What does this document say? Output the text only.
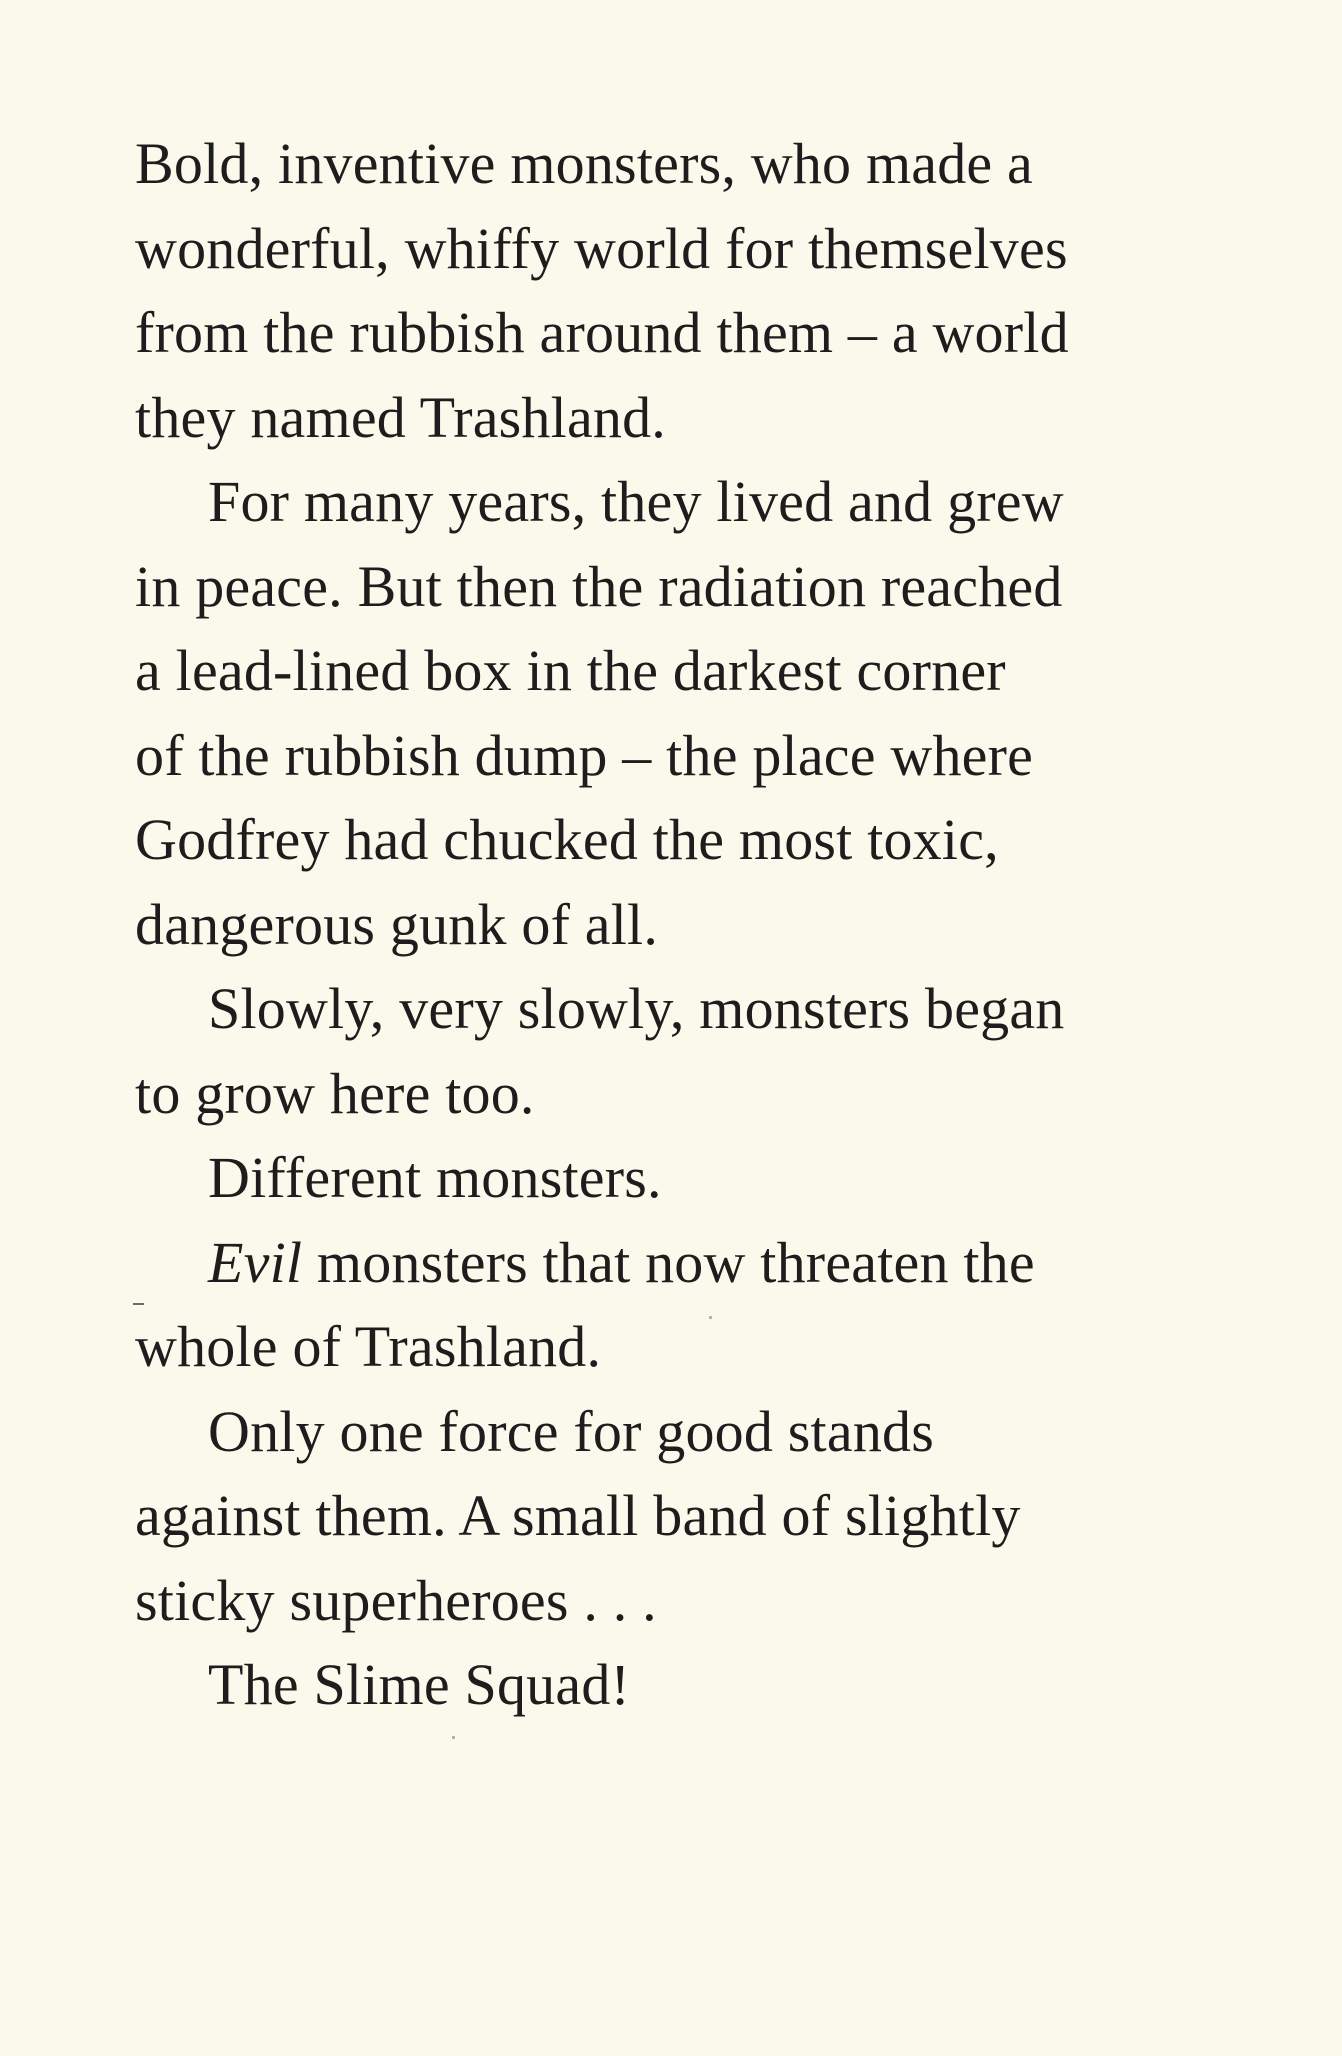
Bold, inventive monsters, who made a
wonderful, whiffy world for themselves
from the rubbish around them – a world
they named Trashland.
For many years, they lived and grew
in peace. But then the radiation reached
a lead-lined box in the darkest corner
of the rubbish dump – the place where
Godfrey had chucked the most toxic,
dangerous gunk of all.
Slowly, very slowly, monsters began
to grow here too.
Different monsters.
Evil monsters that now threaten the
whole of Trashland.
Only one force for good stands
against them. A small band of slightly
sticky superheroes . . .
The Slime Squad!
